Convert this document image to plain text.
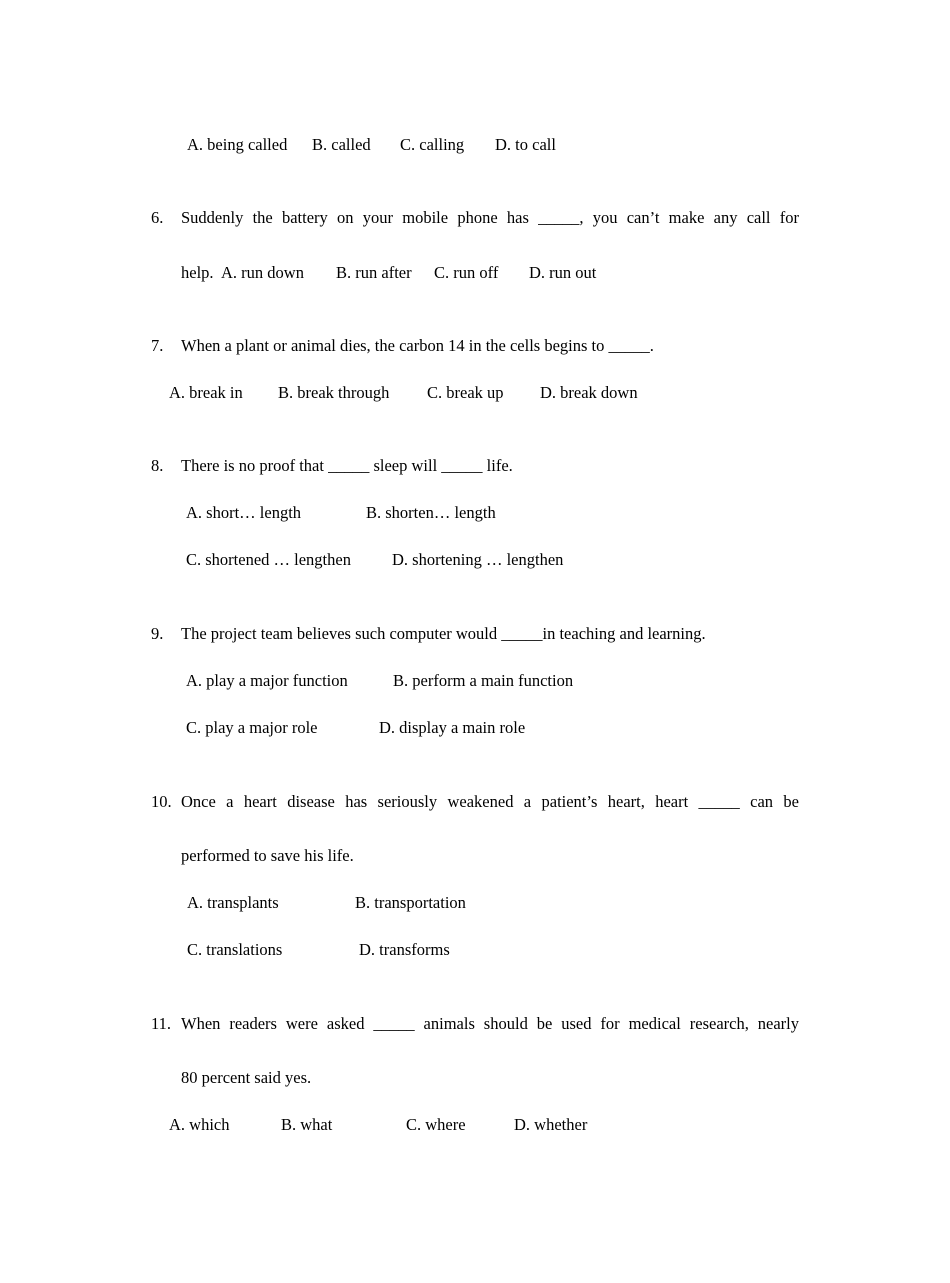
A. being called B. called C. calling D. to call
6. Suddenly the battery on your mobile phone has _____, you can’t make any call for
help. A. run down B. run after C. run off D. run out
7. When a plant or animal dies, the carbon 14 in the cells begins to _____.
A. break in B. break through C. break up D. break down
8. There is no proof that _____ sleep will _____ life.
A. short… length	B. shorten… length
C. shortened … lengthen D. shortening … lengthen
9. The project team believes such computer would _____in teaching and learning.
A. play a major function	B. perform a main function
C. play a major role	D. display a main role
10. Once a heart disease has seriously weakened a patient’s heart, heart _____ can be
performed to save his life.
A. transplants	B. transportation
C. translations	D. transforms
11. When readers were asked _____ animals should be used for medical research, nearly
80 percent said yes.
A. which	B. what	C. where	D. whether
